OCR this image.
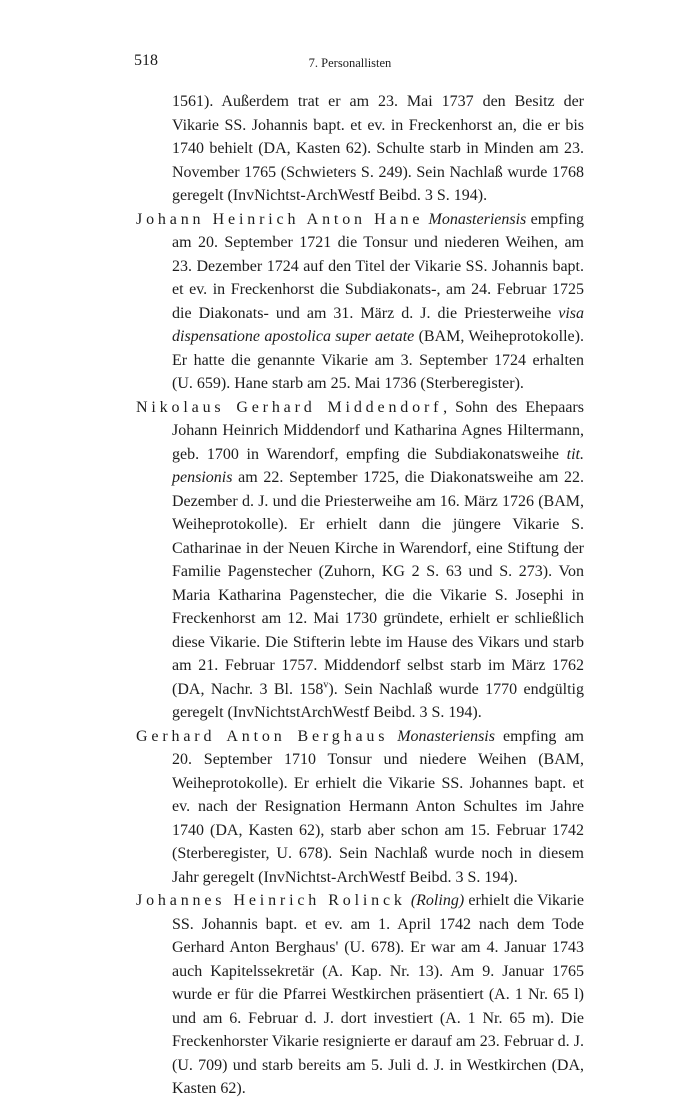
518	7. Personallisten

1561). Außerdem trat er am 23. Mai 1737 den Besitz der Vikarie SS. Johannis bapt. et ev. in Freckenhorst an, die er bis 1740 behielt (DA, Kasten 62). Schulte starb in Minden am 23. November 1765 (Schwieters S. 249). Sein Nachlaß wurde 1768 geregelt (InvNichtst-ArchWestf Beibd. 3 S. 194).

Johann Heinrich Anton Hane Monasteriensis empfing am 20. September 1721 die Tonsur und niederen Weihen, am 23. Dezember 1724 auf den Titel der Vikarie SS. Johannis bapt. et ev. in Freckenhorst die Subdiakonats-, am 24. Februar 1725 die Diakonats- und am 31. März d. J. die Priesterweihe visa dispensatione apostolica super aetate (BAM, Weiheprotokolle). Er hatte die genannte Vikarie am 3. September 1724 erhalten (U. 659). Hane starb am 25. Mai 1736 (Sterberegister).

Nikolaus Gerhard Middendorf, Sohn des Ehepaars Johann Heinrich Middendorf und Katharina Agnes Hiltermann, geb. 1700 in Warendorf, empfing die Subdiakonatsweihe tit. pensionis am 22. September 1725, die Diakonatsweihe am 22. Dezember d. J. und die Priesterweihe am 16. März 1726 (BAM, Weiheprotokolle). Er erhielt dann die jüngere Vikarie S. Catharinae in der Neuen Kirche in Warendorf, eine Stiftung der Familie Pagenstecher (Zuhorn, KG 2 S. 63 und S. 273). Von Maria Katharina Pagenstecher, die die Vikarie S. Josephi in Freckenhorst am 12. Mai 1730 gründete, erhielt er schließlich diese Vikarie. Die Stifterin lebte im Hause des Vikars und starb am 21. Februar 1757. Middendorf selbst starb im März 1762 (DA, Nachr. 3 Bl. 158$^v$). Sein Nachlaß wurde 1770 endgültig geregelt (InvNichtstArchWestf Beibd. 3 S. 194).

Gerhard Anton Berghaus Monasteriensis empfing am 20. September 1710 Tonsur und niedere Weihen (BAM, Weiheprotokolle). Er erhielt die Vikarie SS. Johannes bapt. et ev. nach der Resignation Hermann Anton Schultes im Jahre 1740 (DA, Kasten 62), starb aber schon am 15. Februar 1742 (Sterberegister, U. 678). Sein Nachlaß wurde noch in diesem Jahr geregelt (InvNichtst-ArchWestf Beibd. 3 S. 194).

Johannes Heinrich Rolinck (Roling) erhielt die Vikarie SS. Johannis bapt. et ev. am 1. April 1742 nach dem Tode Gerhard Anton Berghaus' (U. 678). Er war am 4. Januar 1743 auch Kapitelssekretär (A. Kap. Nr. 13). Am 9. Januar 1765 wurde er für die Pfarrei Westkirchen präsentiert (A. 1 Nr. 65 l) und am 6. Februar d. J. dort investiert (A. 1 Nr. 65 m). Die Freckenhorster Vikarie resignierte er darauf am 23. Februar d. J. (U. 709) und starb bereits am 5. Juli d. J. in Westkirchen (DA, Kasten 62).
